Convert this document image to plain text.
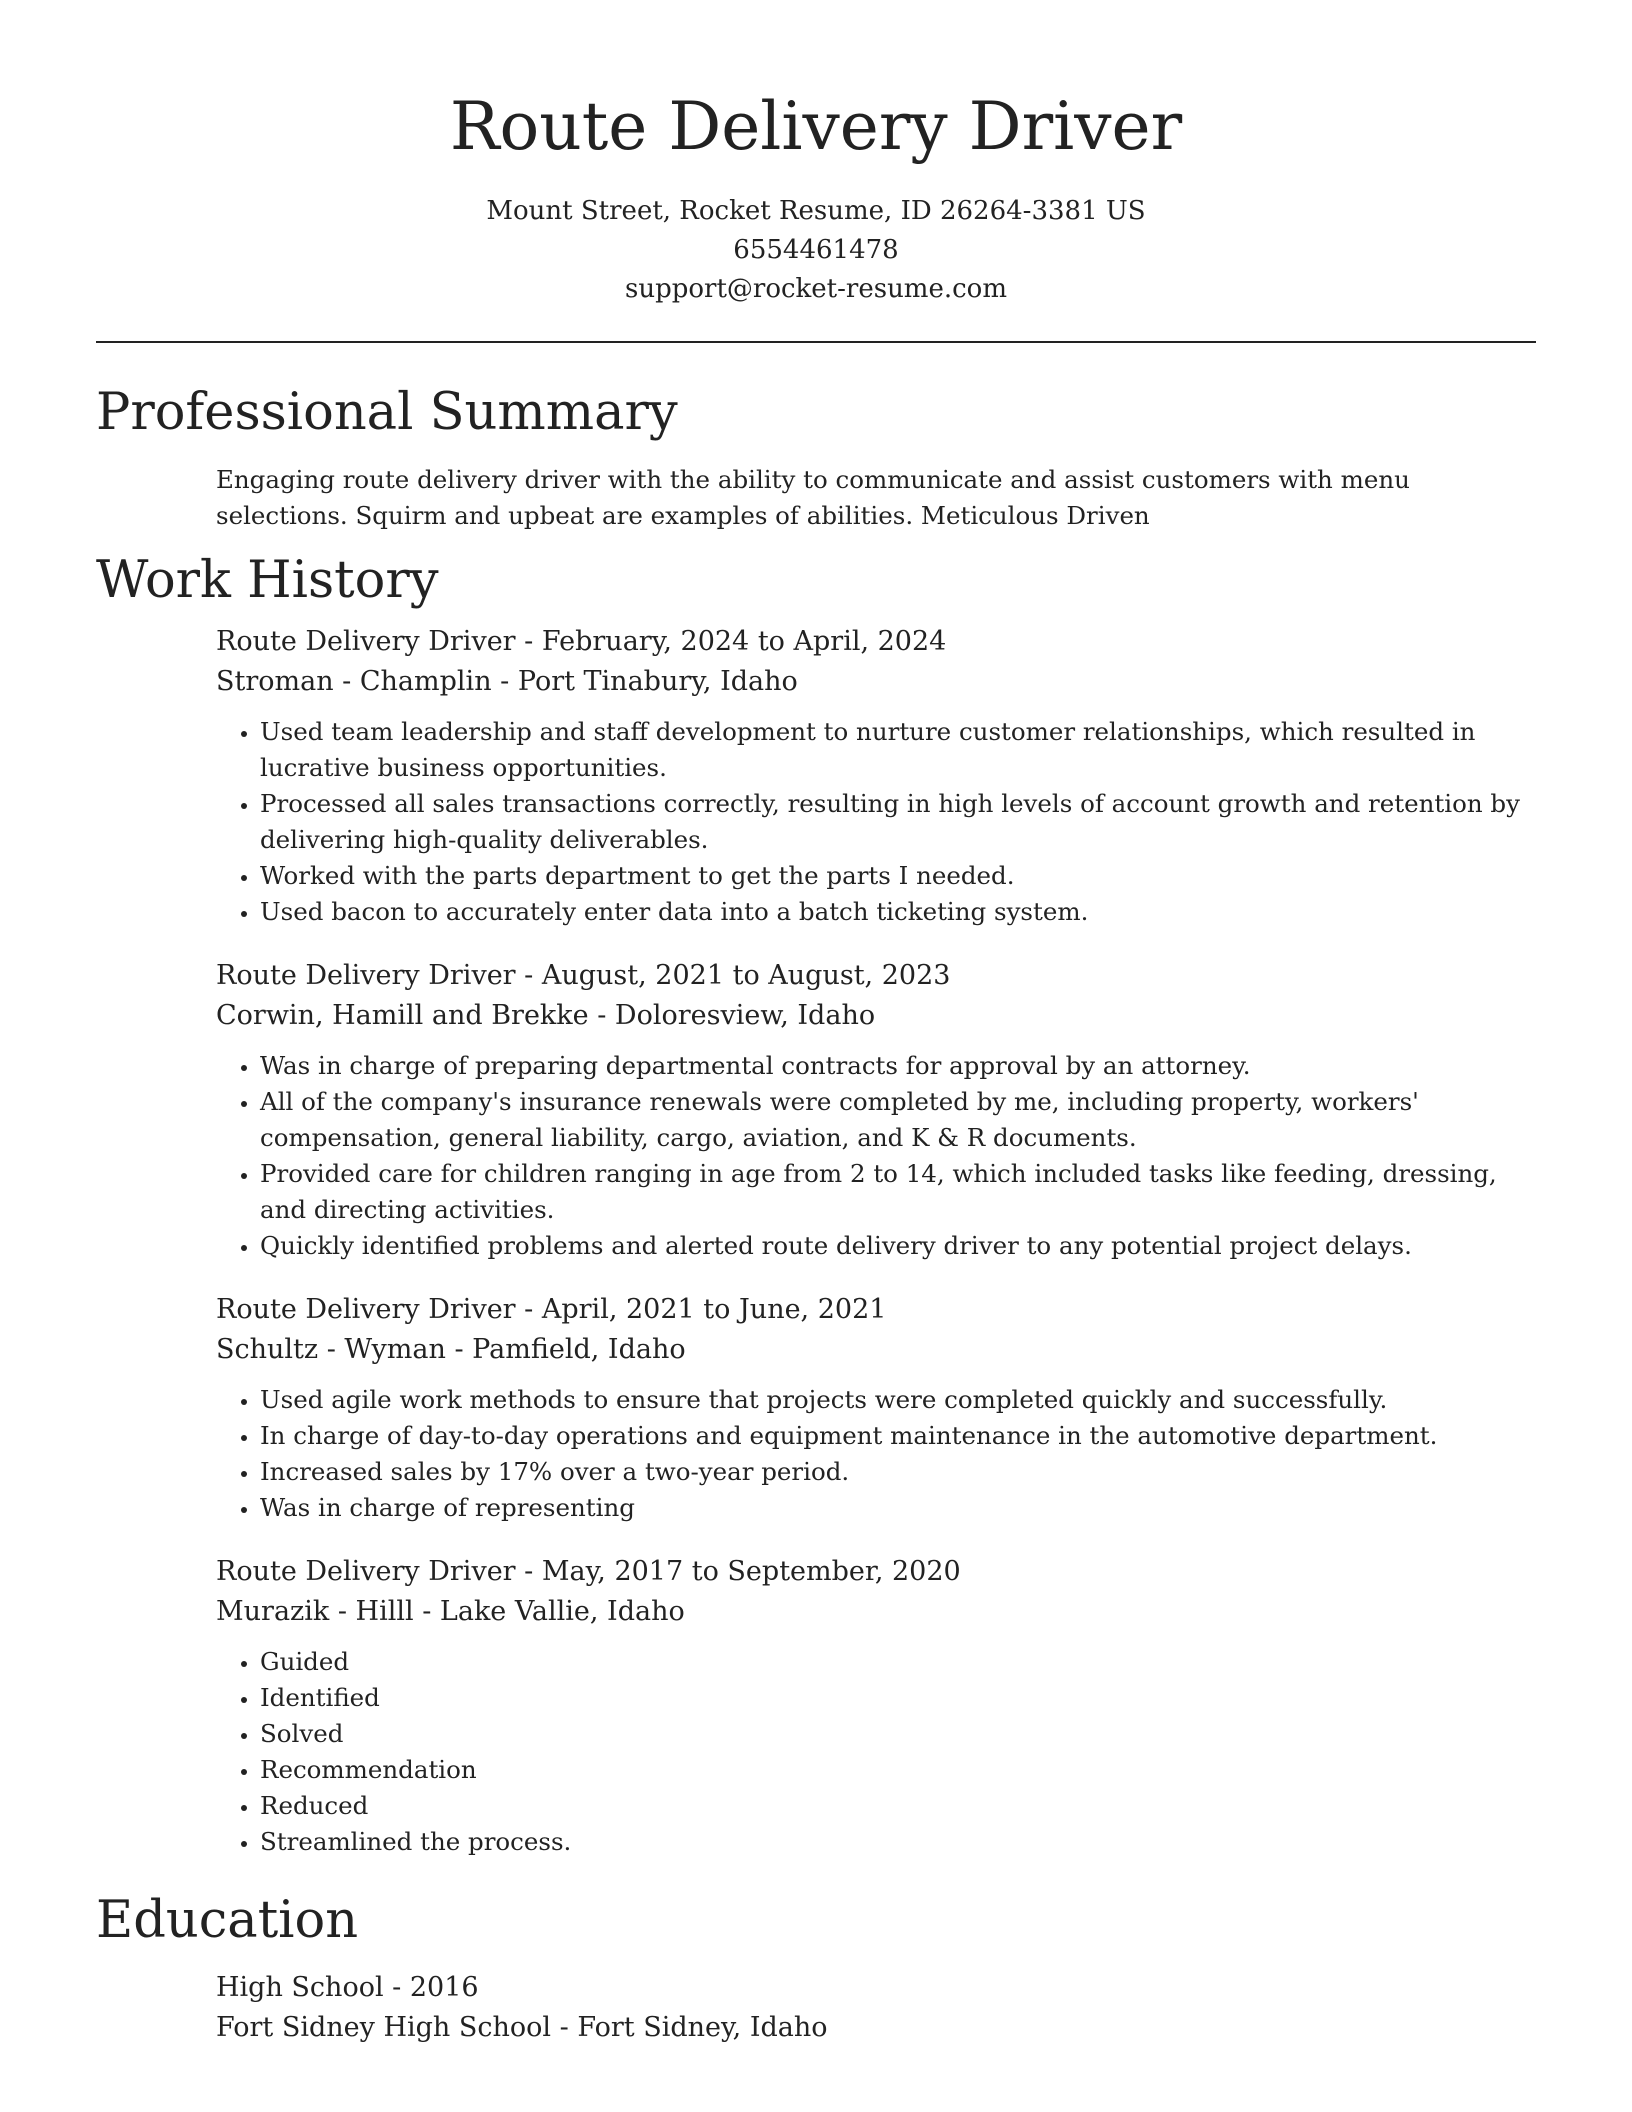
Route Delivery Driver

Mount Street, Rocket Resume, ID 26264-3381 US

6554461478

support@rocket-resume.com

Professional Summary

Engaging route delivery driver with the ability to communicate and assist customers with menu selections. Squirm and upbeat are examples of abilities. Meticulous Driven

Work History

Route Delivery Driver - February, 2024 to April, 2024

Stroman - Champlin - Port Tinabury, Idaho

• Used team leadership and staff development to nurture customer relationships, which resulted in lucrative business opportunities.
• Processed all sales transactions correctly, resulting in high levels of account growth and retention by delivering high-quality deliverables.
• Worked with the parts department to get the parts I needed.
• Used bacon to accurately enter data into a batch ticketing system.

Route Delivery Driver - August, 2021 to August, 2023

Corwin, Hamill and Brekke - Doloresview, Idaho

• Was in charge of preparing departmental contracts for approval by an attorney.
• All of the company's insurance renewals were completed by me, including property, workers' compensation, general liability, cargo, aviation, and K & R documents.
• Provided care for children ranging in age from 2 to 14, which included tasks like feeding, dressing, and directing activities.
• Quickly identified problems and alerted route delivery driver to any potential project delays.

Route Delivery Driver - April, 2021 to June, 2021

Schultz - Wyman - Pamfield, Idaho

• Used agile work methods to ensure that projects were completed quickly and successfully.
• In charge of day-to-day operations and equipment maintenance in the automotive department.
• Increased sales by 17% over a two-year period.
• Was in charge of representing

Route Delivery Driver - May, 2017 to September, 2020

Murazik - Hilll - Lake Vallie, Idaho

• Guided
• Identified
• Solved
• Recommendation
• Reduced
• Streamlined the process.
Education

High School - 2016

Fort Sidney High School - Fort Sidney, Idaho
